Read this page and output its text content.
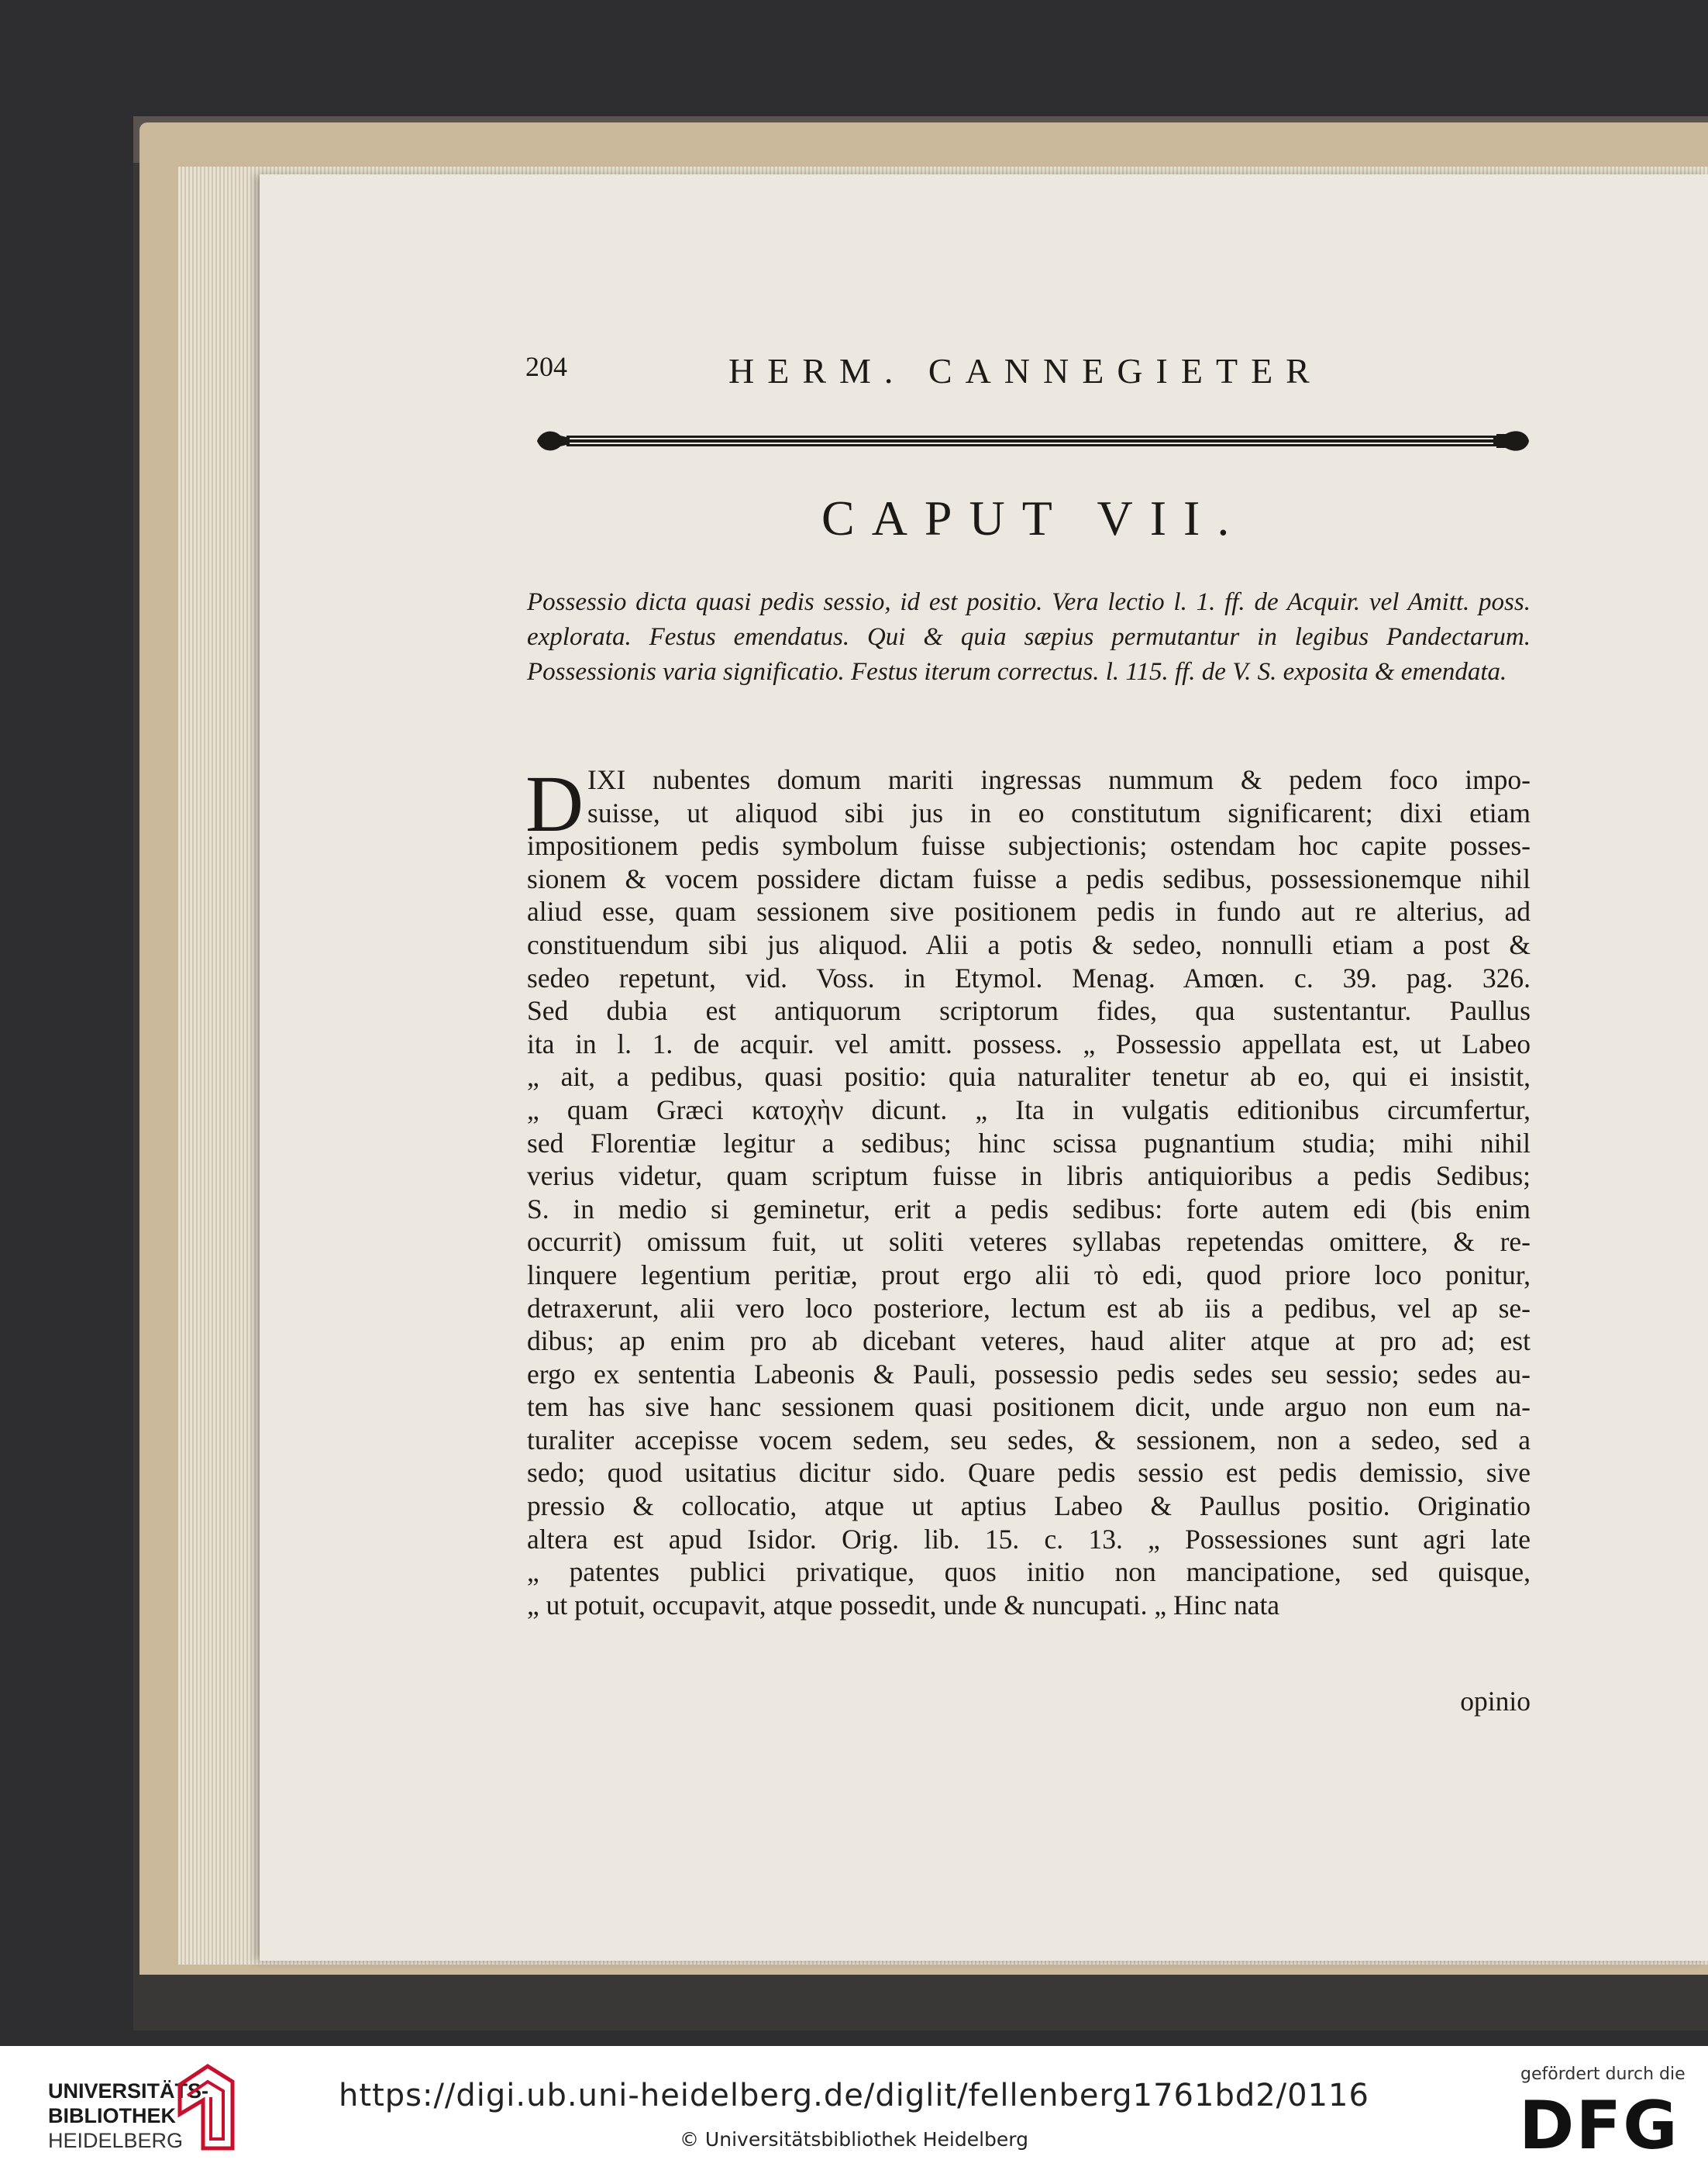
204	HERM. CANNEGIETER
CAPUT VII.
Possessio dicta quasi pedis sessio, id est positio. Vera lectio l. 1. ff. de Acquir. vel Amitt. poss. explorata. Festus emendatus. Qui & quia sæpius permutantur in legibus Pandectarum. Possessionis varia significatio. Festus iterum correctus. l. 115. ff. de V. S. exposita & emendata.
D IXI nubentes domum mariti ingressas nummum & pedem foco impo-
suisse, ut aliquod sibi jus in eo constitutum significarent; dixi etiam
impositionem pedis symbolum fuisse subjectionis; ostendam hoc capite posses-
sionem & vocem possidere dictam fuisse a pedis sedibus, possessionemque nihil
aliud esse, quam sessionem sive positionem pedis in fundo aut re alterius, ad
constituendum sibi jus aliquod. Alii a potis & sedeo, nonnulli etiam a post &
sedeo repetunt, vid. Voss. in Etymol. Menag. Amœn. c. 39. pag. 326.
Sed dubia est antiquorum scriptorum fides, qua sustentantur. Paullus
ita in l. 1. de acquir. vel amitt. possess. „ Possessio appellata est, ut Labeo
„ ait, a pedibus, quasi positio: quia naturaliter tenetur ab eo, qui ei insistit,
„ quam Græci κατοχὴν dicunt. „ Ita in vulgatis editionibus circumfertur,
sed Florentiæ legitur a sedibus; hinc scissa pugnantium studia; mihi nihil
verius videtur, quam scriptum fuisse in libris antiquioribus a pedis Sedibus;
S. in medio si geminetur, erit a pedis sedibus: forte autem edi (bis enim
occurrit) omissum fuit, ut soliti veteres syllabas repetendas omittere, & re-
linquere legentium peritiæ, prout ergo alii τὸ edi, quod priore loco ponitur,
detraxerunt, alii vero loco posteriore, lectum est ab iis a pedibus, vel ap se-
dibus; ap enim pro ab dicebant veteres, haud aliter atque at pro ad; est
ergo ex sententia Labeonis & Pauli, possessio pedis sedes seu sessio; sedes au-
tem has sive hanc sessionem quasi positionem dicit, unde arguo non eum na-
turaliter accepisse vocem sedem, seu sedes, & sessionem, non a sedeo, sed a
sedo; quod usitatius dicitur sido. Quare pedis sessio est pedis demissio, sive
pressio & collocatio, atque ut aptius Labeo & Paullus positio. Originatio
altera est apud Isidor. Orig. lib. 15. c. 13. „ Possessiones sunt agri late
„ patentes publici privatique, quos initio non mancipatione, sed quisque,
„ ut potuit, occupavit, atque possedit, unde & nuncupati. „ Hinc nata
opinio
UNIVERSITÄTS-
BIBLIOTHEK
HEIDELBERG
https://digi.ub.uni-heidelberg.de/diglit/fellenberg1761bd2/0116
© Universitätsbibliothek Heidelberg
gefördert durch die
DFG
